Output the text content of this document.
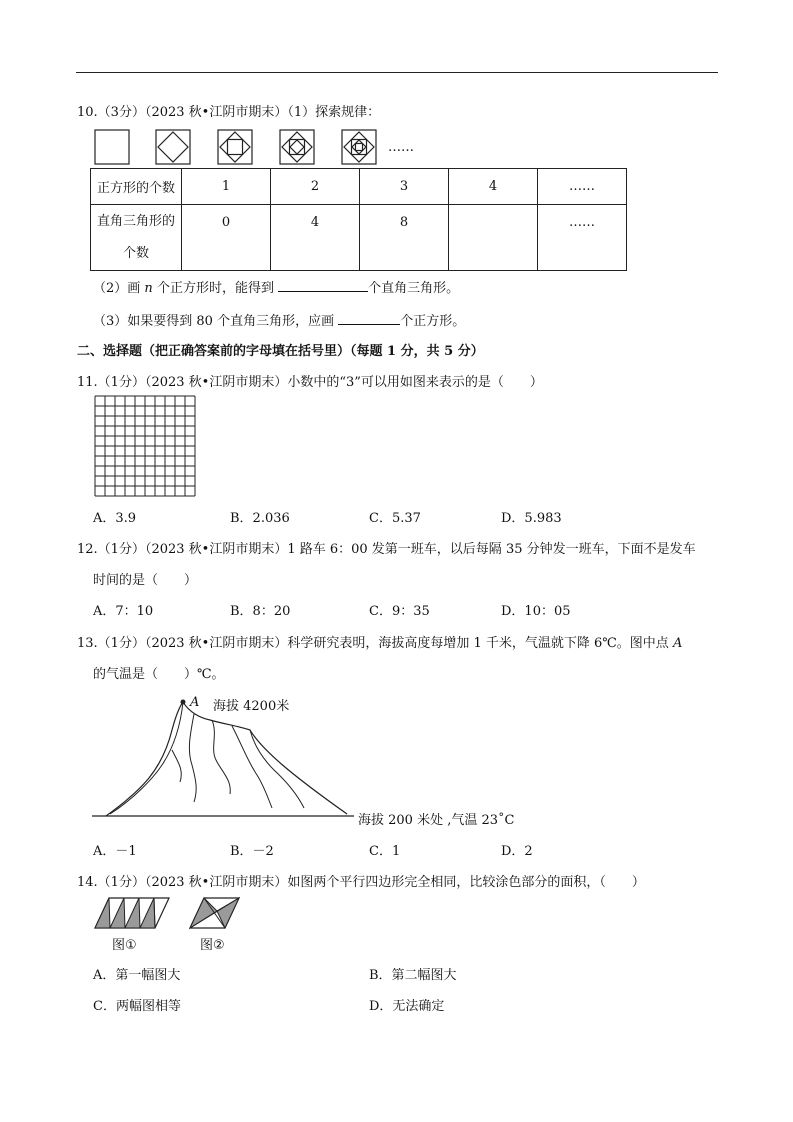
10.（3分）（2023 秋•江阴市期末）（1）探索规律：
……
正方形的个数	1	2	3	4	……

直角三角形的
个数	0	4	8		……
（2）画 n 个正方形时，能得到	个直角三角形。
（3）如果要得到 80 个直角三角形，应画	个正方形。
二、选择题（把正确答案前的字母填在括号里）（每题 1 分，共 5 分）
11.（1分）（2023 秋•江阴市期末）小数中的“3”可以用如图来表示的是（　　）
A．3.9	B．2.036	C．5.37	D．5.983
12.（1分）（2023 秋•江阴市期末）1 路车 6：00 发第一班车，以后每隔 35 分钟发一班车，下面不是发车
时间的是（　　）
A．7：10	B．8：20	C．9：35	D．10：05
13.（1分）（2023 秋•江阴市期末）科学研究表明，海拔高度每增加 1 千米，气温就下降 6℃。图中点 A
的气温是（　　）℃。
A 海拔 4200米
海拔 200 米处 ,气温 23˚C
A．－1	B．－2	C．1	D．2
14.（1分）（2023 秋•江阴市期末）如图两个平行四边形完全相同，比较涂色部分的面积，（　　）
图①	图②
A．第一幅图大	B．第二幅图大
C．两幅图相等	D．无法确定
